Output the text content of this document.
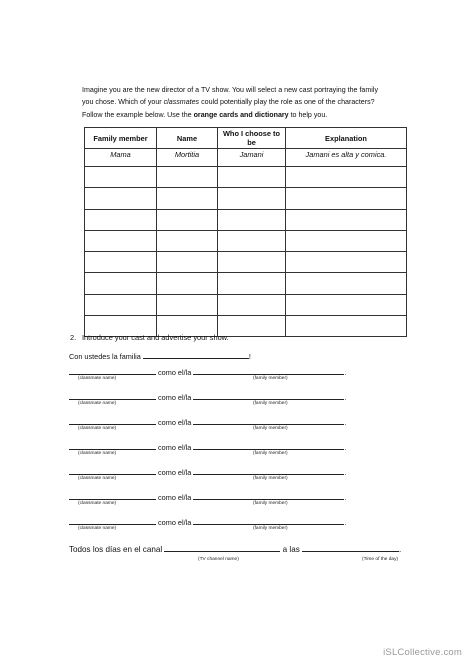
Imagine you are the new director of a TV show. You will select a new cast portraying the family you chose. Which of your classmates could potentially play the role as one of the characters? Follow the example below. Use the orange cards and dictionary to help you.
Family member	Name	Who I choose to be	Explanation
Mama	Mortitia	Jamani	Jamani es alta y comica.

2. Introduce your cast and advertise your show.
Con ustedes la familia	!
como el/la	.
(classmate name)	(family member)
como el/la	.
(classmate name)	(family member)
como el/la	.
(classmate name)	(family member)
como el/la	.
(classmate name)	(family member)
como el/la	.
(classmate name)	(family member)
como el/la	.
(classmate name)	(family member)
como el/la	.
(classmate name)	(family member)
Todos los días en el canal	a las	.
(TV channel name)	(Time of the day)
iSLCollective.com
